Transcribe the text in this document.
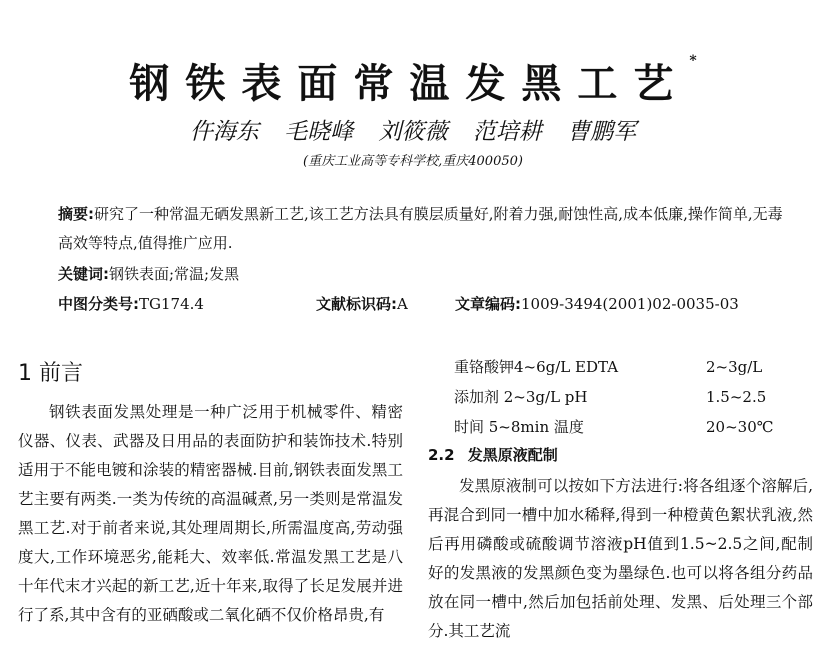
钢铁表面常温发黑工艺*
仵海东 毛晓峰 刘筱薇 范培耕 曹鹏军
(重庆工业高等专科学校,重庆400050)
摘要:研究了一种常温无硒发黑新工艺,该工艺方法具有膜层质量好,附着力强,耐蚀性高,成本低廉,操作简单,无毒高效等特点,值得推广应用.
关键词:钢铁表面;常温;发黑
中图分类号:TG174.4	文献标识码:A	文章编码:1009-3494(2001)02-0035-03
1 前言

钢铁表面发黑处理是一种广泛用于机械零件、精密仪器、仪表、武器及日用品的表面防护和装饰技术.特别适用于不能电镀和涂装的精密器械.目前,钢铁表面发黑工艺主要有两类.一类为传统的高温碱煮,另一类则是常温发黑工艺.对于前者来说,其处理周期长,所需温度高,劳动强度大,工作环境恶劣,能耗大、效率低.常温发黑工艺是八十年代末才兴起的新工艺,近十年来,取得了长足发展并进行了系,其中含有的亚硒酸或二氧化硒不仅价格昂贵,有

重铬酸钾4~6g/L EDTA	2~3g/L
添加剂 2~3g/L pH	1.5~2.5
时间 5~8min 温度	20~30℃
2.2 发黑原液配制

发黑原液制可以按如下方法进行:将各组逐个溶解后,再混合到同一槽中加水稀释,得到一种橙黄色絮状乳液,然后再用磷酸或硫酸调节溶液pH值到1.5~2.5之间,配制好的发黑液的发黑颜色变为墨绿色.也可以将各组分药品放在同一槽中,然后加包括前处理、发黑、后处理三个部分.其工艺流
